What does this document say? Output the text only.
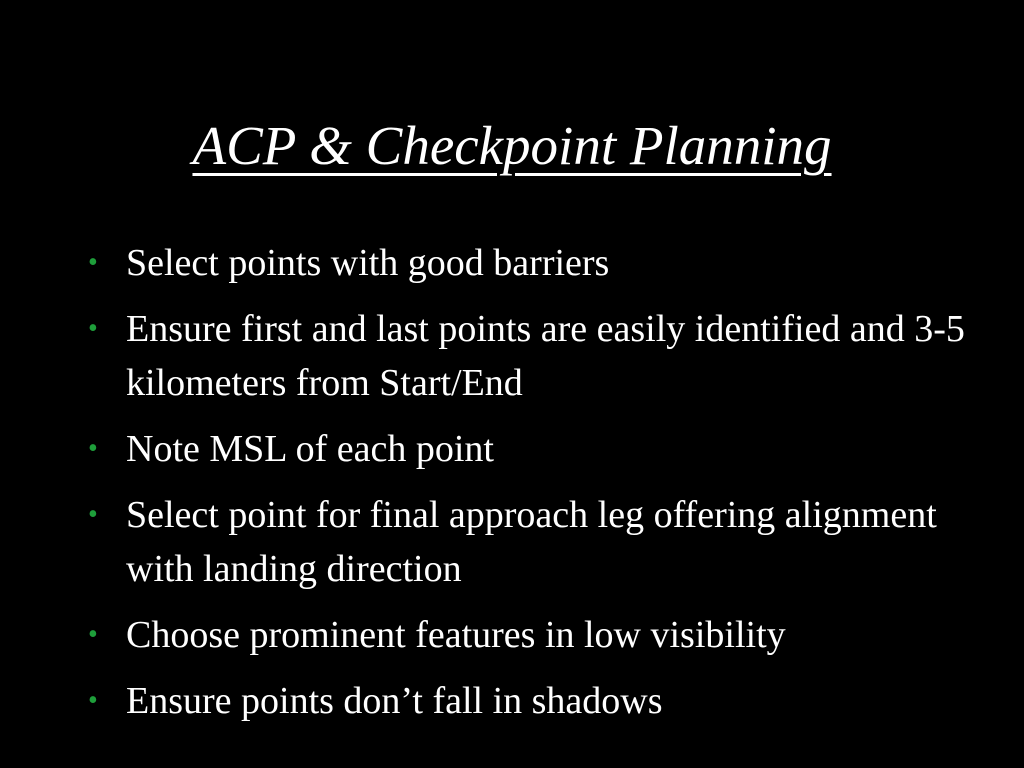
ACP & Checkpoint Planning
• Select points with good barriers
• Ensure first and last points are easily identified and 3-5 kilometers from Start/End
• Note MSL of each point
• Select point for final approach leg offering alignment with landing direction
• Choose prominent features in low visibility
• Ensure points don’t fall in shadows
